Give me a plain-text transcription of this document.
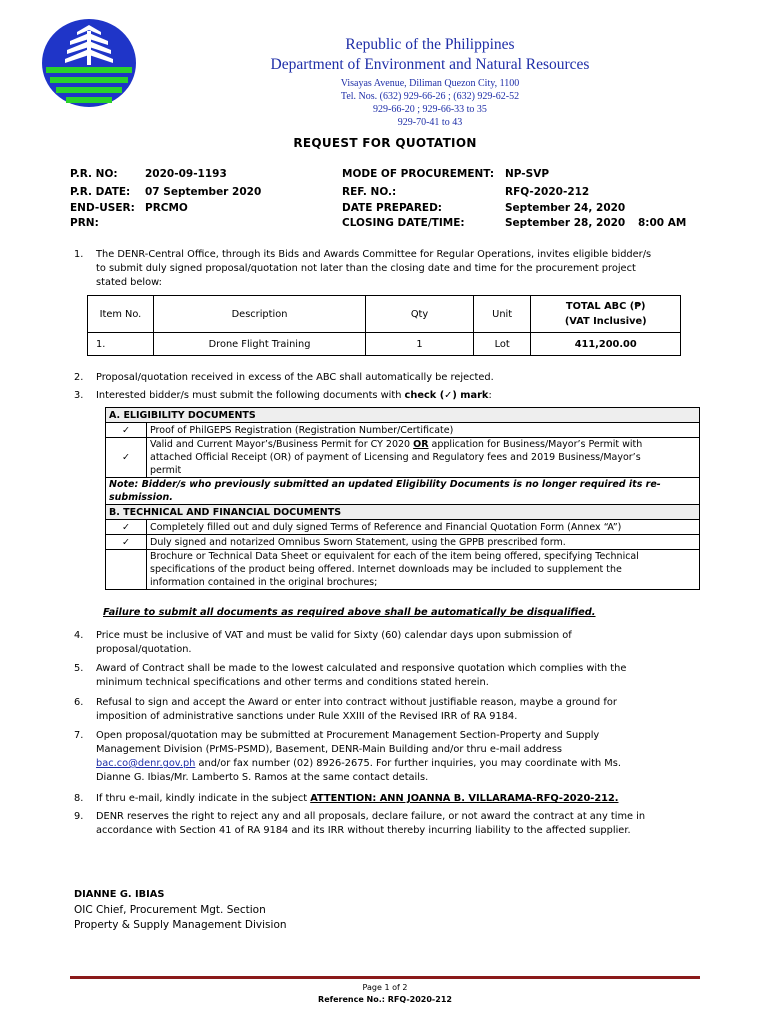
Republic of the Philippines
Department of Environment and Natural Resources
Visayas Avenue, Diliman Quezon City, 1100
Tel. Nos. (632) 929-66-26 ; (632) 929-62-52
929-66-20 ; 929-66-33 to 35
929-70-41 to 43
REQUEST FOR QUOTATION
P.R. NO:	2020-09-1193
P.R. DATE: 07 September 2020
END-USER: PRCMO
PRN:
MODE OF PROCUREMENT: NP-SVP
REF. NO.:	RFQ-2020-212
DATE PREPARED:	September 24, 2020
CLOSING DATE/TIME:	September 28, 2020 8:00 AM
1.	The DENR-Central Office, through its Bids and Awards Committee for Regular Operations, invites eligible bidder/s
to submit duly signed proposal/quotation not later than the closing date and time for the procurement project
stated below:
Item No.	Description	Qty	Unit	TOTAL ABC (₱)
(VAT Inclusive)

1.	Drone Flight Training	1	Lot	411,200.00
2.	Proposal/quotation received in excess of the ABC shall automatically be rejected.
3.	Interested bidder/s must submit the following documents with check (✓) mark:
A. ELIGIBILITY DOCUMENTS	
✓	Proof of PhilGEPS Registration (Registration Number/Certificate)
✓	Valid and Current Mayor’s/Business Permit for CY 2020 OR application for Business/Mayor’s Permit with
attached Official Receipt (OR) of payment of Licensing and Regulatory fees and 2019 Business/Mayor’s
permit

Note: Bidder/s who previously submitted an updated Eligibility Documents is no longer required its re-
submission.	

B. TECHNICAL AND FINANCIAL DOCUMENTS	
✓	Completely filled out and duly signed Terms of Reference and Financial Quotation Form (Annex “A”)
✓	Duly signed and notarized Omnibus Sworn Statement, using the GPPB prescribed form.

	Brochure or Technical Data Sheet or equivalent for each of the item being offered, specifying Technical
specifications of the product being offered. Internet downloads may be included to supplement the
information contained in the original brochures;
Failure to submit all documents as required above shall be automatically be disqualified.
4.	Price must be inclusive of VAT and must be valid for Sixty (60) calendar days upon submission of
proposal/quotation.
5.	Award of Contract shall be made to the lowest calculated and responsive quotation which complies with the
minimum technical specifications and other terms and conditions stated herein.
6.	Refusal to sign and accept the Award or enter into contract without justifiable reason, maybe a ground for
imposition of administrative sanctions under Rule XXIII of the Revised IRR of RA 9184.
7.	Open proposal/quotation may be submitted at Procurement Management Section-Property and Supply
Management Division (PrMS-PSMD), Basement, DENR-Main Building and/or thru e-mail address
bac.co@denr.gov.ph and/or fax number (02) 8926-2675. For further inquiries, you may coordinate with Ms.
Dianne G. Ibias/Mr. Lamberto S. Ramos at the same contact details.
8.	If thru e-mail, kindly indicate in the subject ATTENTION: ANN JOANNA B. VILLARAMA-RFQ-2020-212.
9.	DENR reserves the right to reject any and all proposals, declare failure, or not award the contract at any time in
accordance with Section 41 of RA 9184 and its IRR without thereby incurring liability to the affected supplier.
DIANNE G. IBIAS
OIC Chief, Procurement Mgt. Section
Property & Supply Management Division
Page 1 of 2
Reference No.: RFQ-2020-212
